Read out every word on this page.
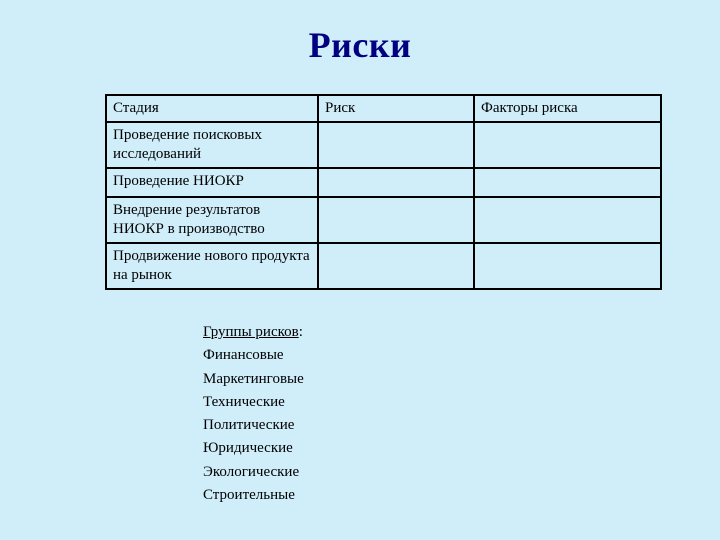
Риски
Стадия	Риск	Факторы риска
Проведение поисковых исследований		
Проведение НИОКР		
Внедрение результатов НИОКР в производство		
Продвижение нового продукта на рынок		
Группы рисков:
Финансовые
Маркетинговые
Технические
Политические
Юридические
Экологические
Строительные
